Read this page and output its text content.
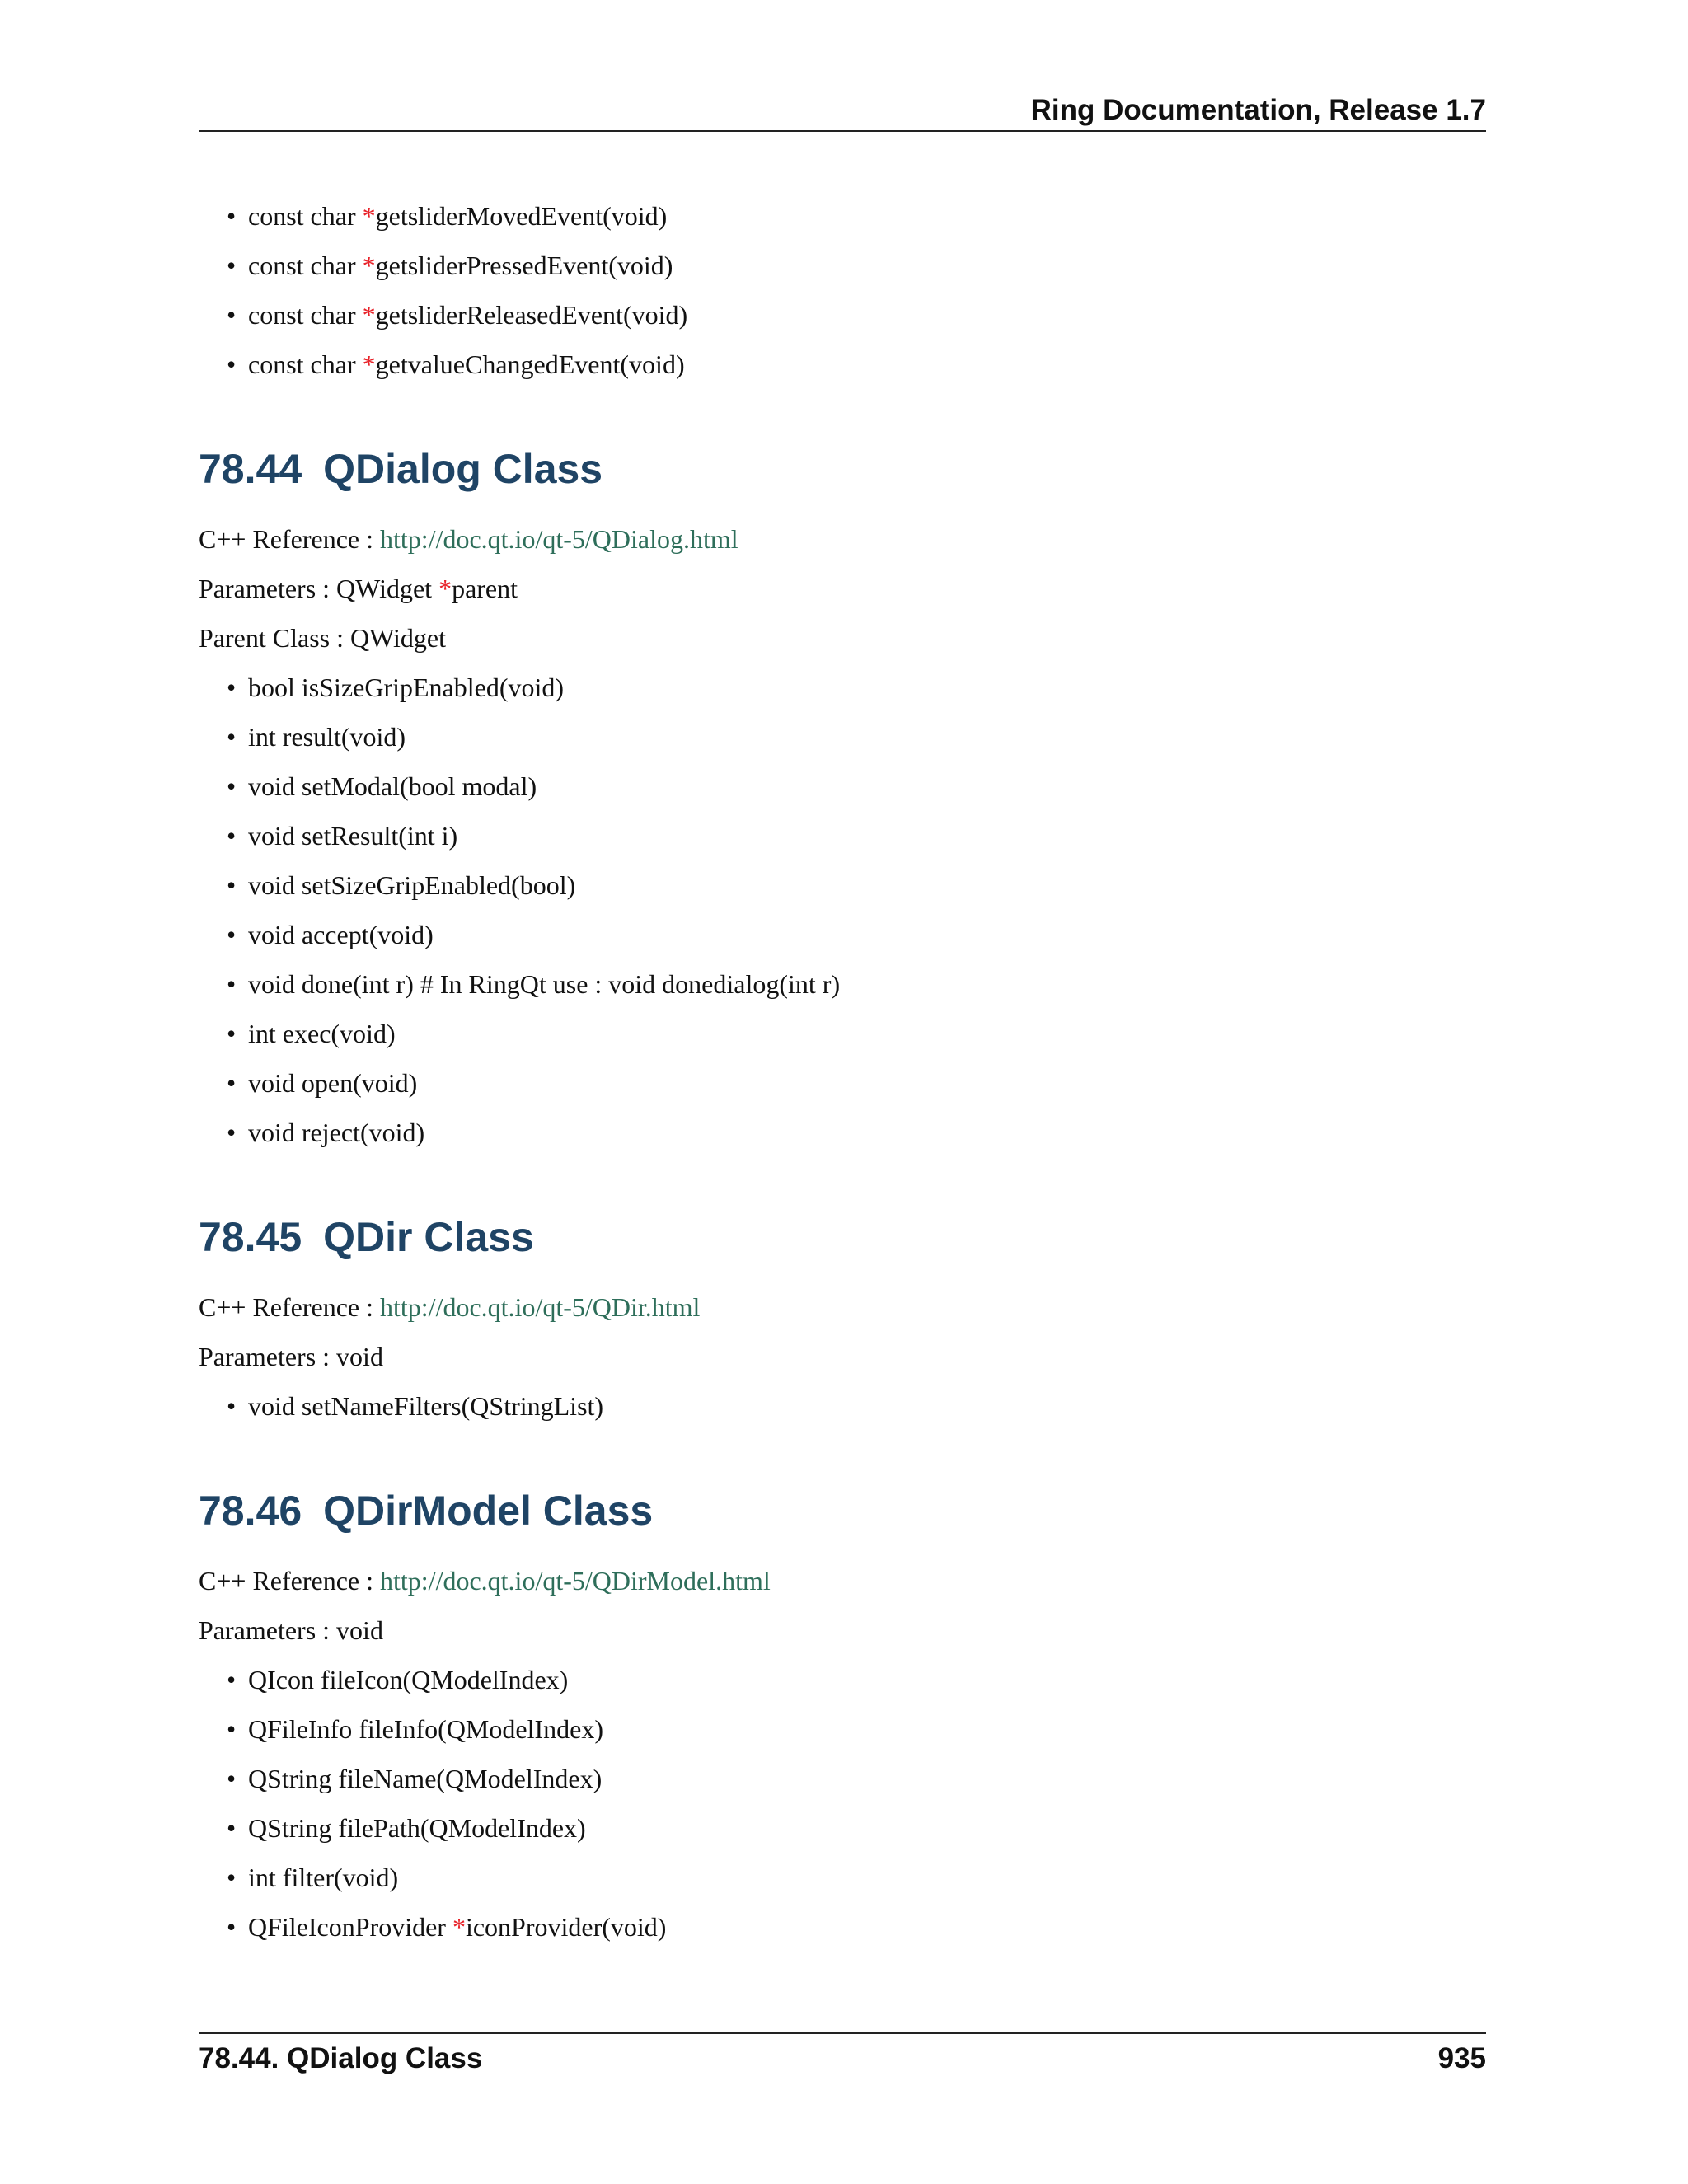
Ring Documentation, Release 1.7
• const char *getsliderMovedEvent(void)
• const char *getsliderPressedEvent(void)
• const char *getsliderReleasedEvent(void)
• const char *getvalueChangedEvent(void)
78.44 QDialog Class

C++ Reference : http://doc.qt.io/qt-5/QDialog.html

Parameters : QWidget *parent

Parent Class : QWidget

• bool isSizeGripEnabled(void)
• int result(void)
• void setModal(bool modal)
• void setResult(int i)
• void setSizeGripEnabled(bool)
• void accept(void)
• void done(int r) # In RingQt use : void donedialog(int r)
• int exec(void)
• void open(void)
• void reject(void)
78.45 QDir Class

C++ Reference : http://doc.qt.io/qt-5/QDir.html

Parameters : void

• void setNameFilters(QStringList)
78.46 QDirModel Class

C++ Reference : http://doc.qt.io/qt-5/QDirModel.html

Parameters : void

• QIcon fileIcon(QModelIndex)
• QFileInfo fileInfo(QModelIndex)
• QString fileName(QModelIndex)
• QString filePath(QModelIndex)
• int filter(void)
• QFileIconProvider *iconProvider(void)
78.44. QDialog Class	935
